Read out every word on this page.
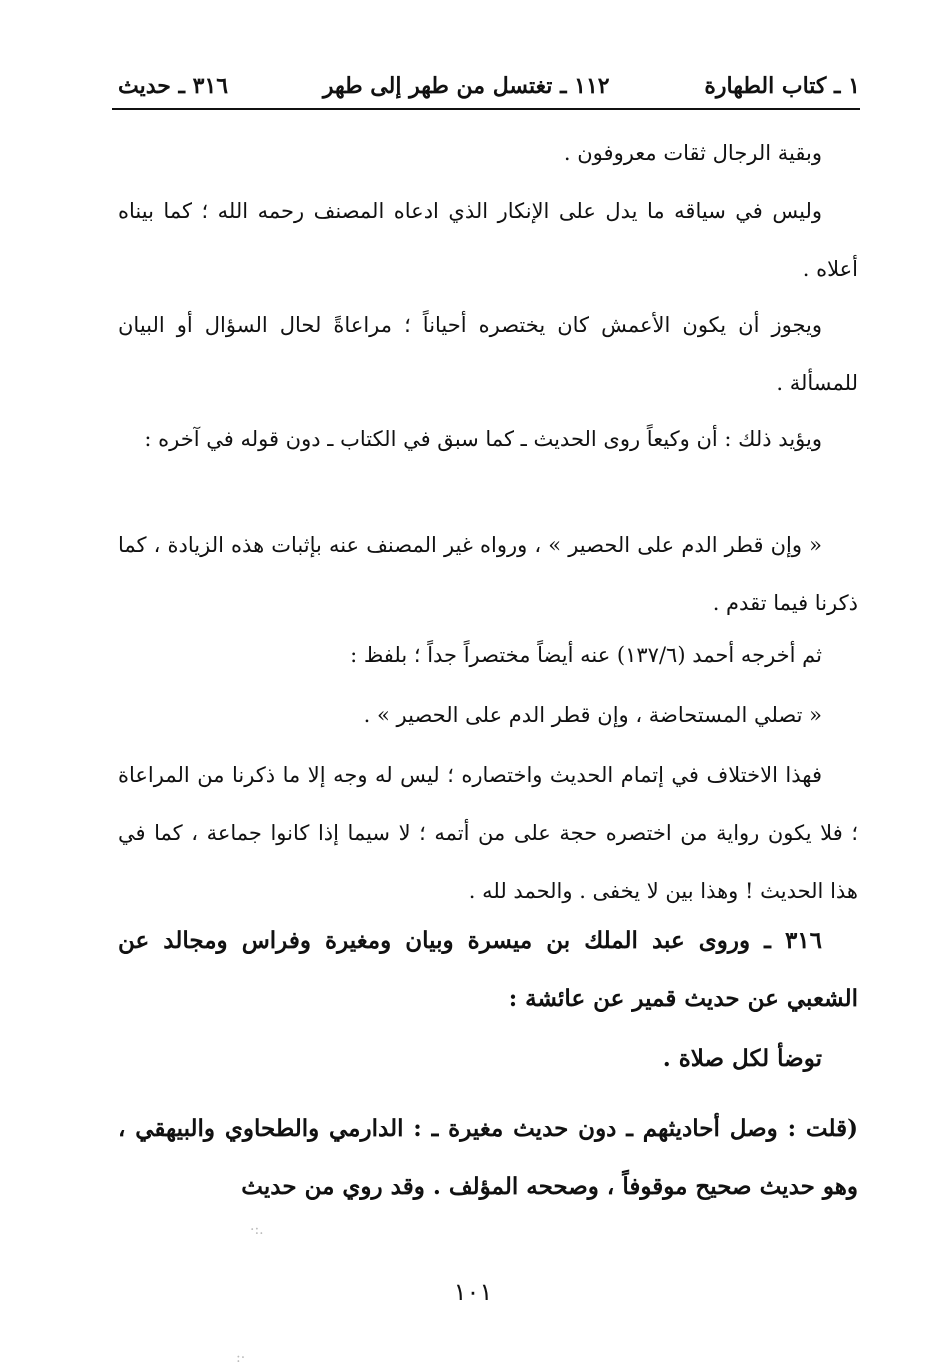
١ ـ كتاب الطهارة
١١٢ ـ تغتسل من طهر إلى طهر
٣١٦ ـ حديث
وبقية الرجال ثقات معروفون .
وليس في سياقه ما يدل على الإنكار الذي ادعاه المصنف رحمه الله ؛ كما بيناه أعلاه .
ويجوز أن يكون الأعمش كان يختصره أحياناً ؛ مراعاةً لحال السؤال أو البيان للمسألة .
ويؤيد ذلك : أن وكيعاً روى الحديث ـ كما سبق في الكتاب ـ دون قوله في آخره :
« وإن قطر الدم على الحصير » ، ورواه غير المصنف عنه بإثبات هذه الزيادة ، كما ذكرنا فيما تقدم .
ثم أخرجه أحمد (١٣٧/٦) عنه أيضاً مختصراً جداً ؛ بلفظ :
« تصلي المستحاضة ، وإن قطر الدم على الحصير » .
فهذا الاختلاف في إتمام الحديث واختصاره ؛ ليس له وجه إلا ما ذكرنا من المراعاة ؛ فلا يكون رواية من اختصره حجة على من أتمه ؛ لا سيما إذا كانوا جماعة ، كما في هذا الحديث ! وهذا بين لا يخفى . والحمد لله .
٣١٦ ـ وروى عبد الملك بن ميسرة وبيان ومغيرة وفراس ومجالد عن الشعبي عن حديث قمير عن عائشة :
توضأ لكل صلاة .
(قلت : وصل أحاديثهم ـ دون حديث مغيرة ـ : الدارمي والطحاوي والبيهقي ، وهو حديث صحيح موقوفاً ، وصححه المؤلف . وقد روي من حديث
١٠١
.:·
·:
